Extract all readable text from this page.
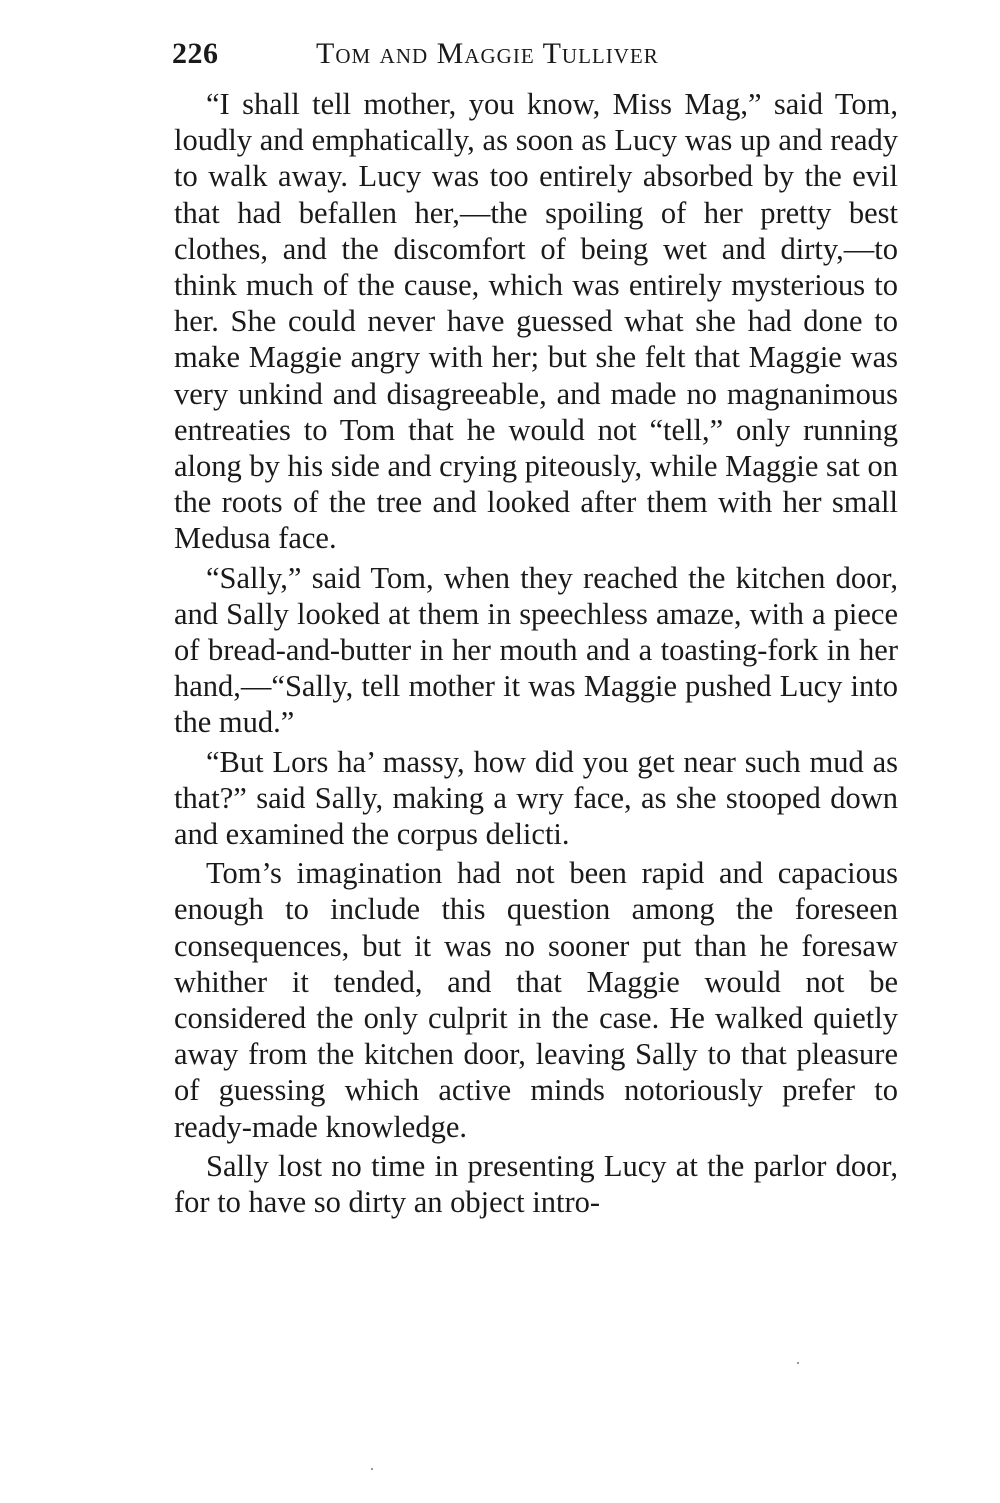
226	Tom and Maggie Tulliver

“I shall tell mother, you know, Miss Mag,” said Tom, loudly and emphatically, as soon as Lucy was up and ready to walk away. Lucy was too entirely absorbed by the evil that had befallen her,—the spoiling of her pretty best clothes, and the discomfort of being wet and dirty,—to think much of the cause, which was entirely mysterious to her. She could never have guessed what she had done to make Maggie angry with her; but she felt that Maggie was very unkind and disagreeable, and made no magnanimous entreaties to Tom that he would not “tell,” only running along by his side and crying piteously, while Maggie sat on the roots of the tree and looked after them with her small Medusa face.

“Sally,” said Tom, when they reached the kitchen door, and Sally looked at them in speechless amaze, with a piece of bread-and-butter in her mouth and a toasting-fork in her hand,—“Sally, tell mother it was Maggie pushed Lucy into the mud.”

“But Lors ha’ massy, how did you get near such mud as that?” said Sally, making a wry face, as she stooped down and examined the corpus delicti.

Tom’s imagination had not been rapid and capacious enough to include this question among the foreseen consequences, but it was no sooner put than he foresaw whither it tended, and that Maggie would not be considered the only culprit in the case. He walked quietly away from the kitchen door, leaving Sally to that pleasure of guessing which active minds notoriously prefer to ready-made knowledge.

Sally lost no time in presenting Lucy at the parlor door, for to have so dirty an object intro-
